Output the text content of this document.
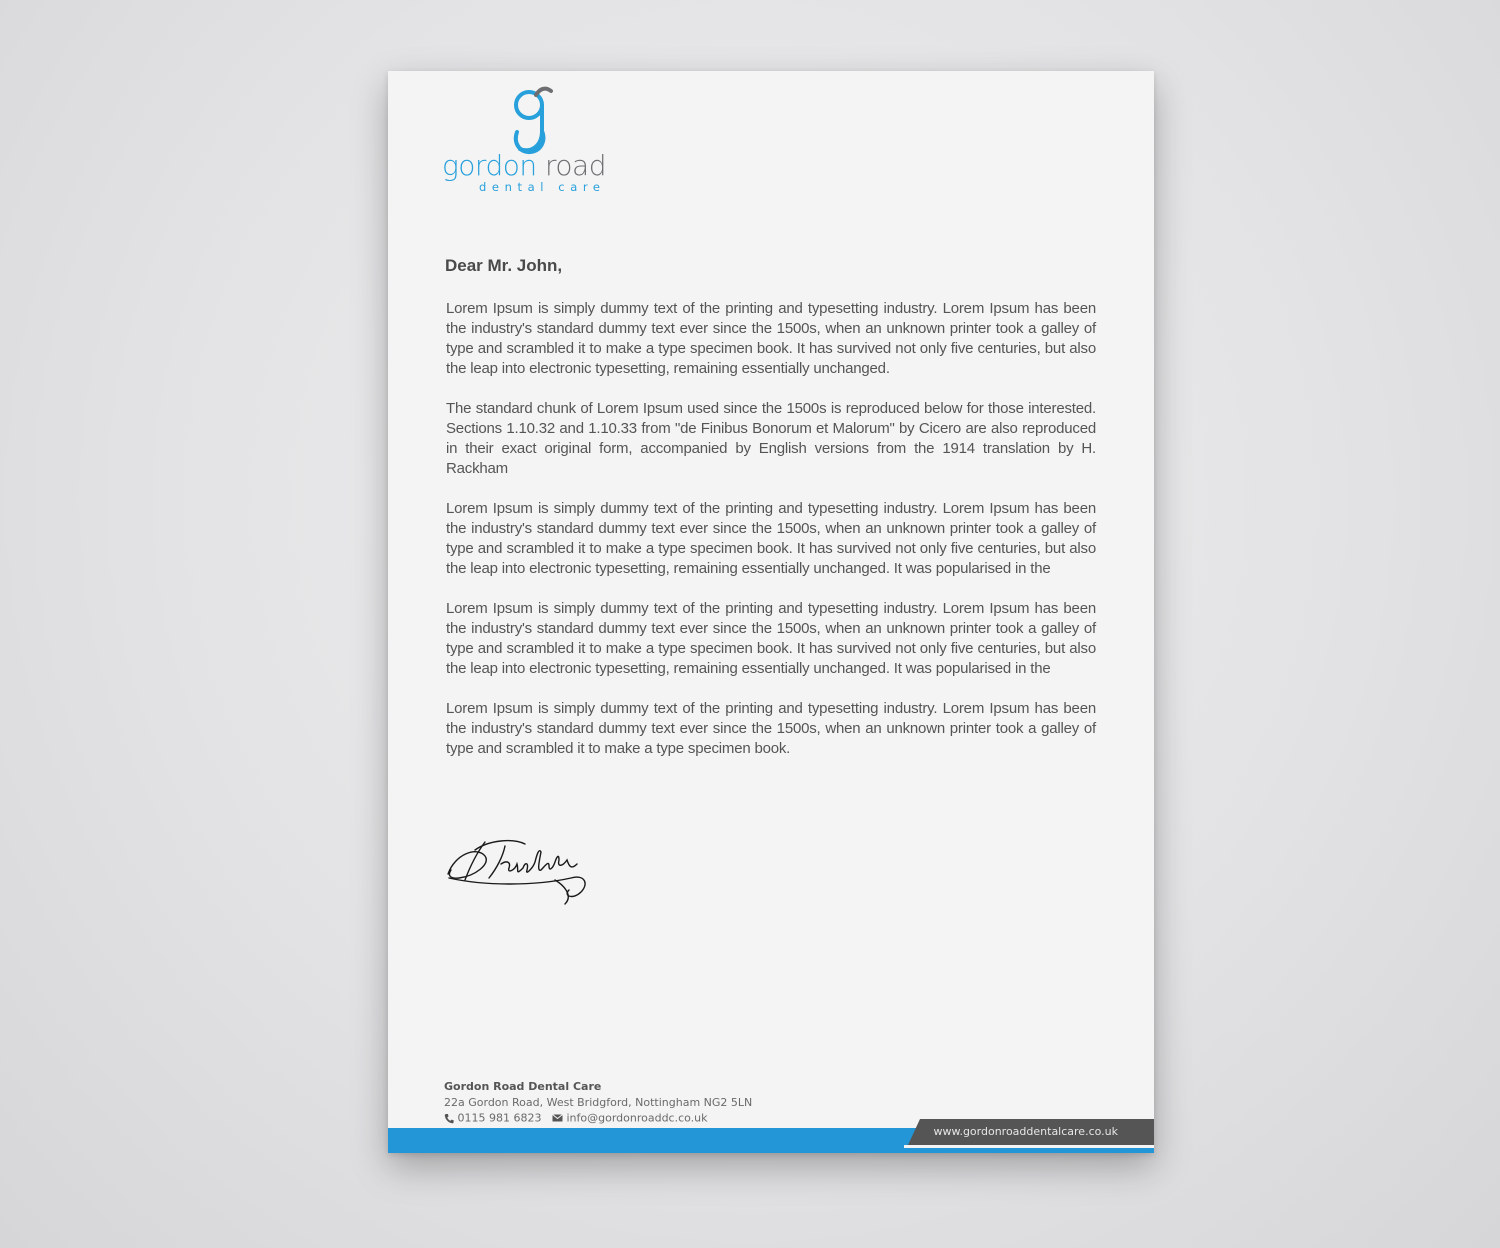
gordon road
dental care
Dear Mr. John,

Lorem Ipsum is simply dummy text of the printing and typesetting industry. Lorem Ipsum has been the industry's standard dummy text ever since the 1500s, when an unknown printer took a galley of type and scrambled it to make a type specimen book. It has survived not only five centuries, but also the leap into electronic typesetting, remaining essentially unchanged.

The standard chunk of Lorem Ipsum used since the 1500s is reproduced below for those interested. Sections 1.10.32 and 1.10.33 from "de Finibus Bonorum et Malorum" by Cicero are also reproduced in their exact original form, accompanied by English versions from the 1914 translation by H. Rackham

Lorem Ipsum is simply dummy text of the printing and typesetting industry. Lorem Ipsum has been the industry's standard dummy text ever since the 1500s, when an unknown printer took a galley of type and scrambled it to make a type specimen book. It has survived not only five centuries, but also the leap into electronic typesetting, remaining essentially unchanged. It was popularised in the

Lorem Ipsum is simply dummy text of the printing and typesetting industry. Lorem Ipsum has been the industry's standard dummy text ever since the 1500s, when an unknown printer took a galley of type and scrambled it to make a type specimen book. It has survived not only five centuries, but also the leap into electronic typesetting, remaining essentially unchanged. It was popularised in the

Lorem Ipsum is simply dummy text of the printing and typesetting industry. Lorem Ipsum has been the industry's standard dummy text ever since the 1500s, when an unknown printer took a galley of type and scrambled it to make a type specimen book.

Gordon Road Dental Care
22a Gordon Road, West Bridgford, Nottingham NG2 5LN
0115 981 6823 info@gordonroaddc.co.uk
www.gordonroaddentalcare.co.uk
